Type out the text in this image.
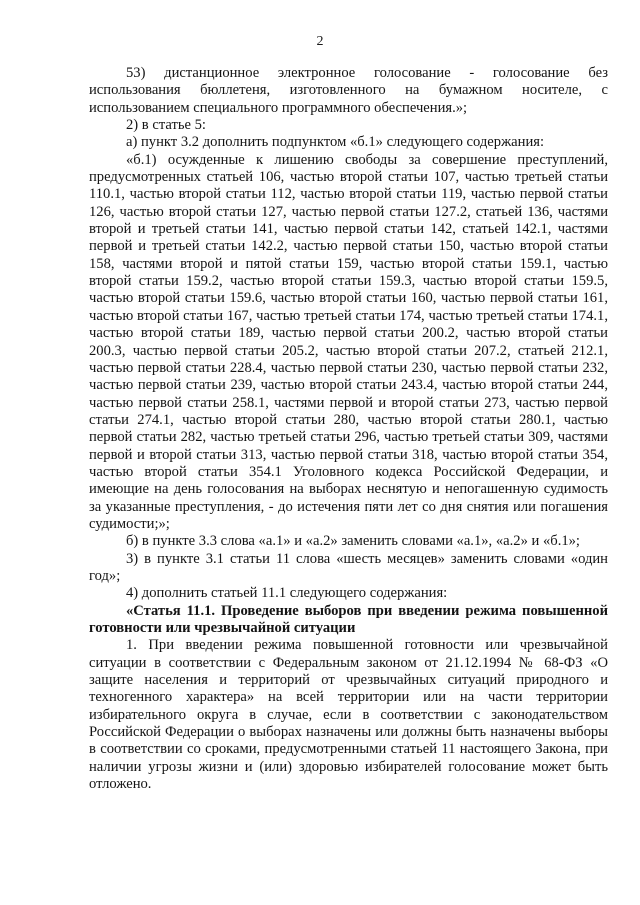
2

53) дистанционное электронное голосование - голосование без использования бюллетеня, изготовленного на бумажном носителе, с использованием специального программного обеспечения.»;

2) в статье 5:

а) пункт 3.2 дополнить подпунктом «б.1» следующего содержания:

«б.1) осужденные к лишению свободы за совершение преступлений, предусмотренных статьей 106, частью второй статьи 107, частью третьей статьи 110.1, частью второй статьи 112, частью второй статьи 119, частью первой статьи 126, частью второй статьи 127, частью первой статьи 127.2, статьей 136, частями второй и третьей статьи 141, частью первой статьи 142, статьей 142.1, частями первой и третьей статьи 142.2, частью первой статьи 150, частью второй статьи 158, частями второй и пятой статьи 159, частью второй статьи 159.1, частью второй статьи 159.2, частью второй статьи 159.3, частью второй статьи 159.5, частью второй статьи 159.6, частью второй статьи 160, частью первой статьи 161, частью второй статьи 167, частью третьей статьи 174, частью третьей статьи 174.1, частью второй статьи 189, частью первой статьи 200.2, частью второй статьи 200.3, частью первой статьи 205.2, частью второй статьи 207.2, статьей 212.1, частью первой статьи 228.4, частью первой статьи 230, частью первой статьи 232, частью первой статьи 239, частью второй статьи 243.4, частью второй статьи 244, частью первой статьи 258.1, частями первой и второй статьи 273, частью первой статьи 274.1, частью второй статьи 280, частью второй статьи 280.1, частью первой статьи 282, частью третьей статьи 296, частью третьей статьи 309, частями первой и второй статьи 313, частью первой статьи 318, частью второй статьи 354, частью второй статьи 354.1 Уголовного кодекса Российской Федерации, и имеющие на день голосования на выборах неснятую и непогашенную судимость за указанные преступления, - до истечения пяти лет со дня снятия или погашения судимости;»;

б) в пункте 3.3 слова «а.1» и «а.2» заменить словами «а.1», «а.2» и «б.1»;

3) в пункте 3.1 статьи 11 слова «шесть месяцев» заменить словами «один год»;

4) дополнить статьей 11.1 следующего содержания:

«Статья 11.1. Проведение выборов при введении режима повышенной готовности или чрезвычайной ситуации

1. При введении режима повышенной готовности или чрезвычайной ситуации в соответствии с Федеральным законом от 21.12.1994 № 68-ФЗ «О защите населения и территорий от чрезвычайных ситуаций природного и техногенного характера» на всей территории или на части территории избирательного округа в случае, если в соответствии с законодательством Российской Федерации о выборах назначены или должны быть назначены выборы в соответствии со сроками, предусмотренными статьей 11 настоящего Закона, при наличии угрозы жизни и (или) здоровью избирателей голосование может быть отложено.
